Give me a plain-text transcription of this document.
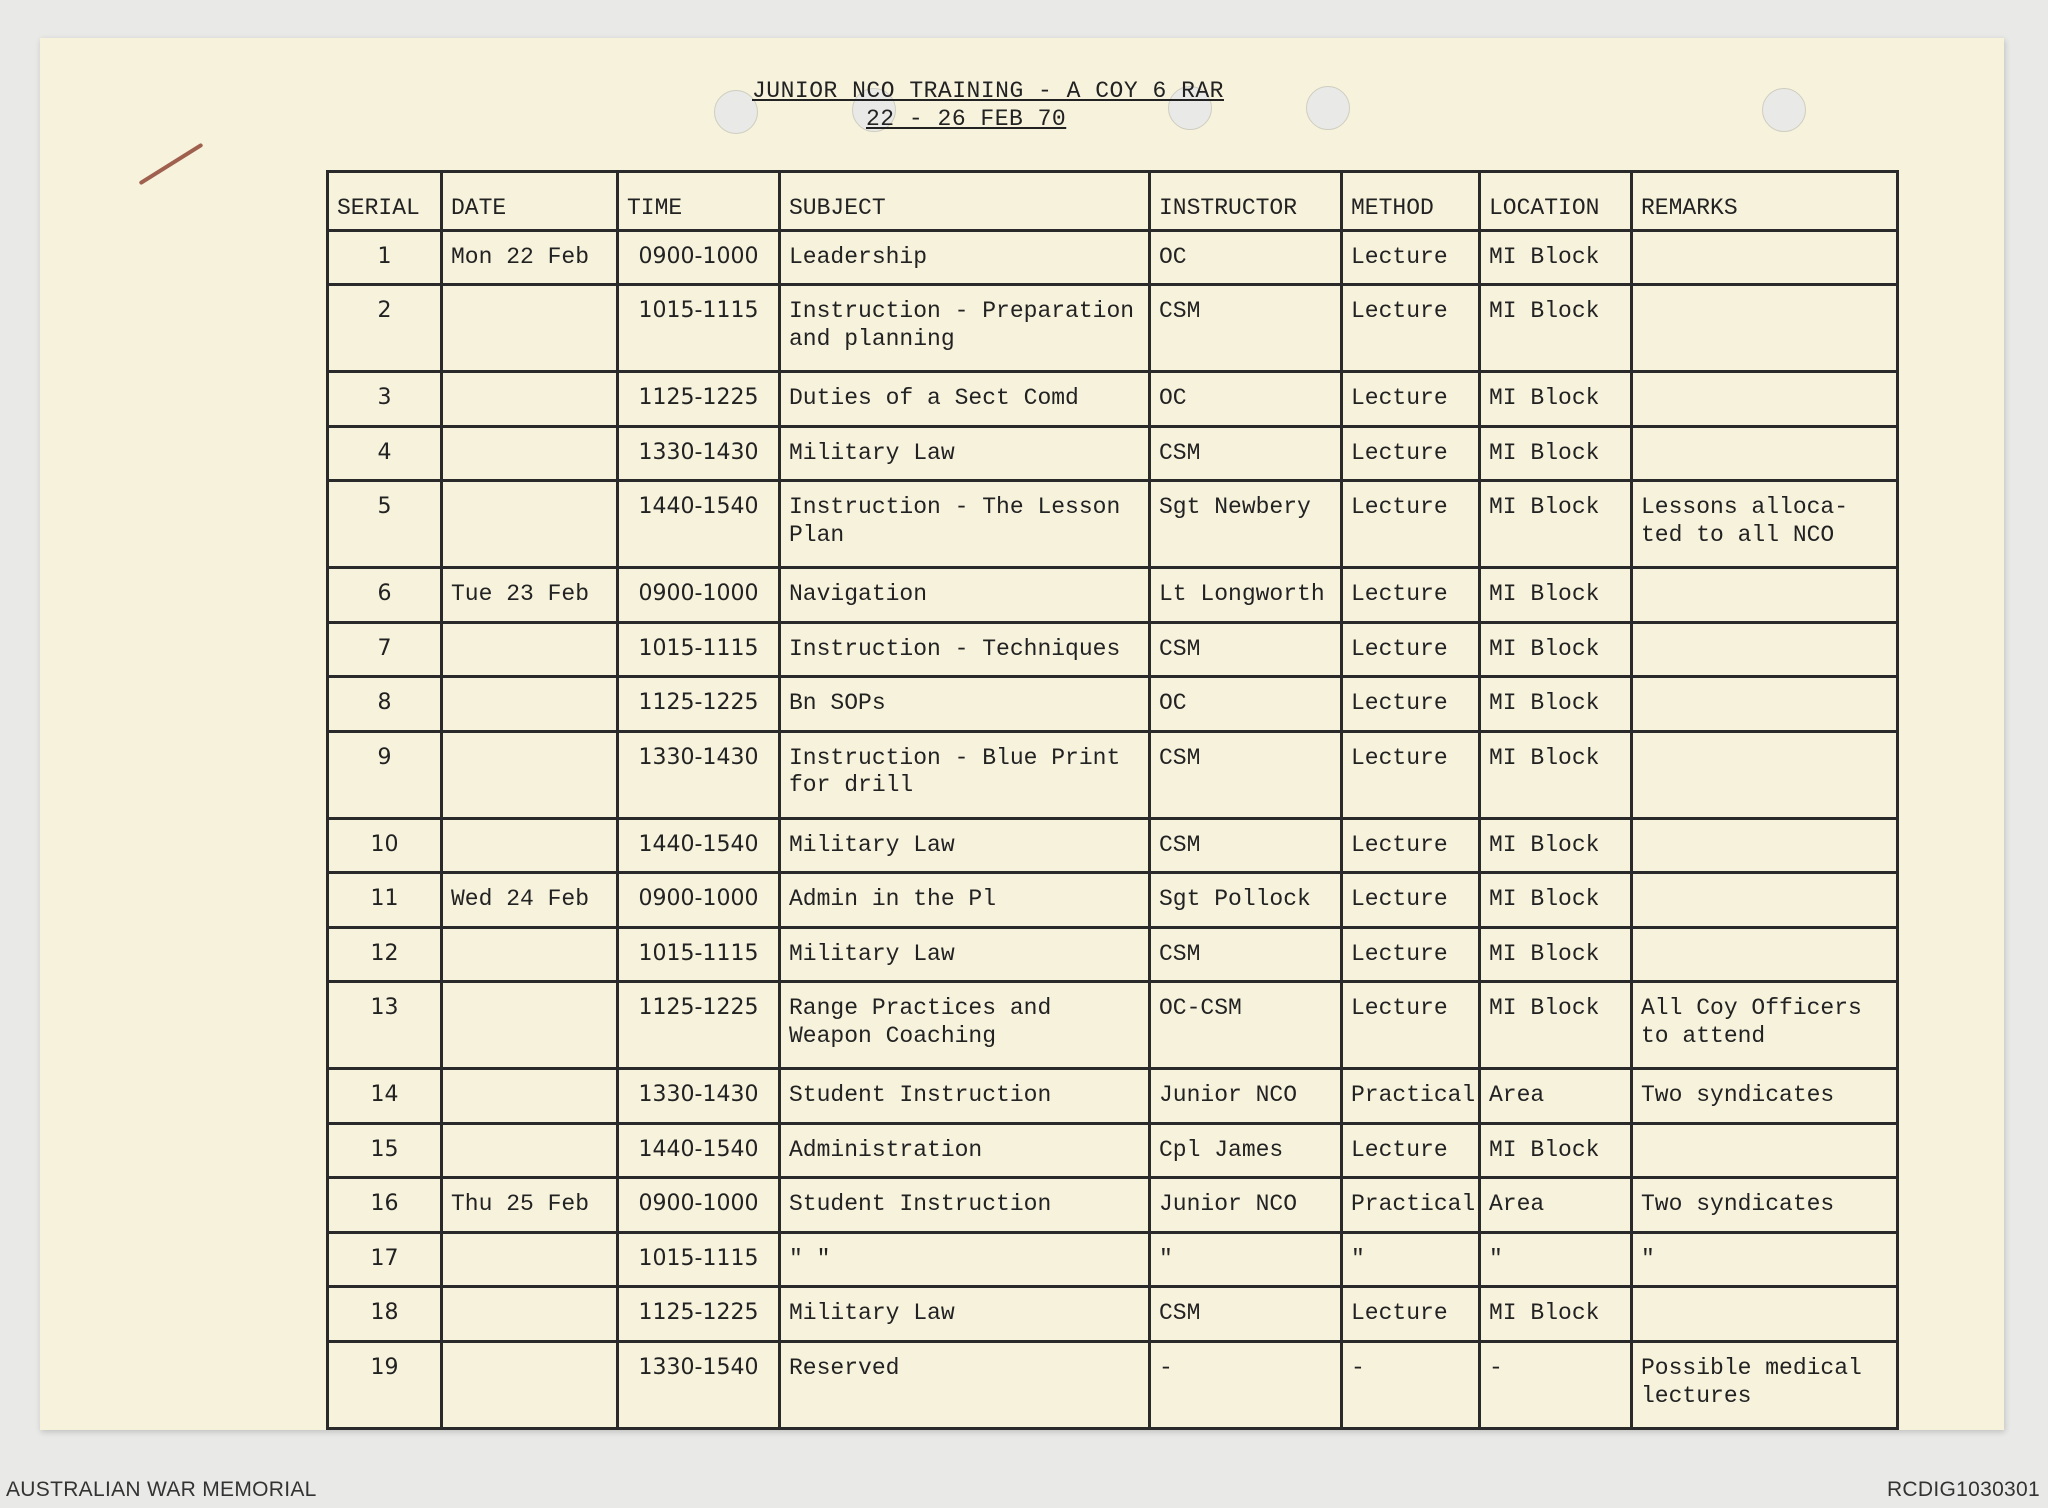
JUNIOR NCO TRAINING - A COY 6 RAR
22 - 26 FEB 70
SERIAL	DATE	TIME	SUBJECT	INSTRUCTOR	METHOD	LOCATION	REMARKS
1	Mon 22 Feb	0900-1000	Leadership	OC	Lecture	MI Block	
2		1015-1115	Instruction - Preparation and planning	CSM	Lecture	MI Block	
3		1125-1225	Duties of a Sect Comd	OC	Lecture	MI Block	
4		1330-1430	Military Law	CSM	Lecture	MI Block	
5		1440-1540	Instruction - The Lesson Plan	Sgt Newbery	Lecture	MI Block	Lessons alloca-ted to all NCO
6	Tue 23 Feb	0900-1000	Navigation	Lt Longworth	Lecture	MI Block	
7		1015-1115	Instruction - Techniques	CSM	Lecture	MI Block	
8		1125-1225	Bn SOPs	OC	Lecture	MI Block	
9		1330-1430	Instruction - Blue Print for drill	CSM	Lecture	MI Block	
10		1440-1540	Military Law	CSM	Lecture	MI Block	
11	Wed 24 Feb	0900-1000	Admin in the Pl	Sgt Pollock	Lecture	MI Block	
12		1015-1115	Military Law	CSM	Lecture	MI Block	
13		1125-1225	Range Practices and Weapon Coaching	OC-CSM	Lecture	MI Block	All Coy Officers to attend
14		1330-1430	Student Instruction	Junior NCO	Practical	Area	Two syndicates
15		1440-1540	Administration	Cpl James	Lecture	MI Block	
16	Thu 25 Feb	0900-1000	Student Instruction	Junior NCO	Practical	Area	Two syndicates
17		1015-1115	" "	"	"	"	"
18		1125-1225	Military Law	CSM	Lecture	MI Block	
19		1330-1540	Reserved	-	-	-	Possible medical lectures
AUSTRALIAN WAR MEMORIAL	RCDIG1030301
